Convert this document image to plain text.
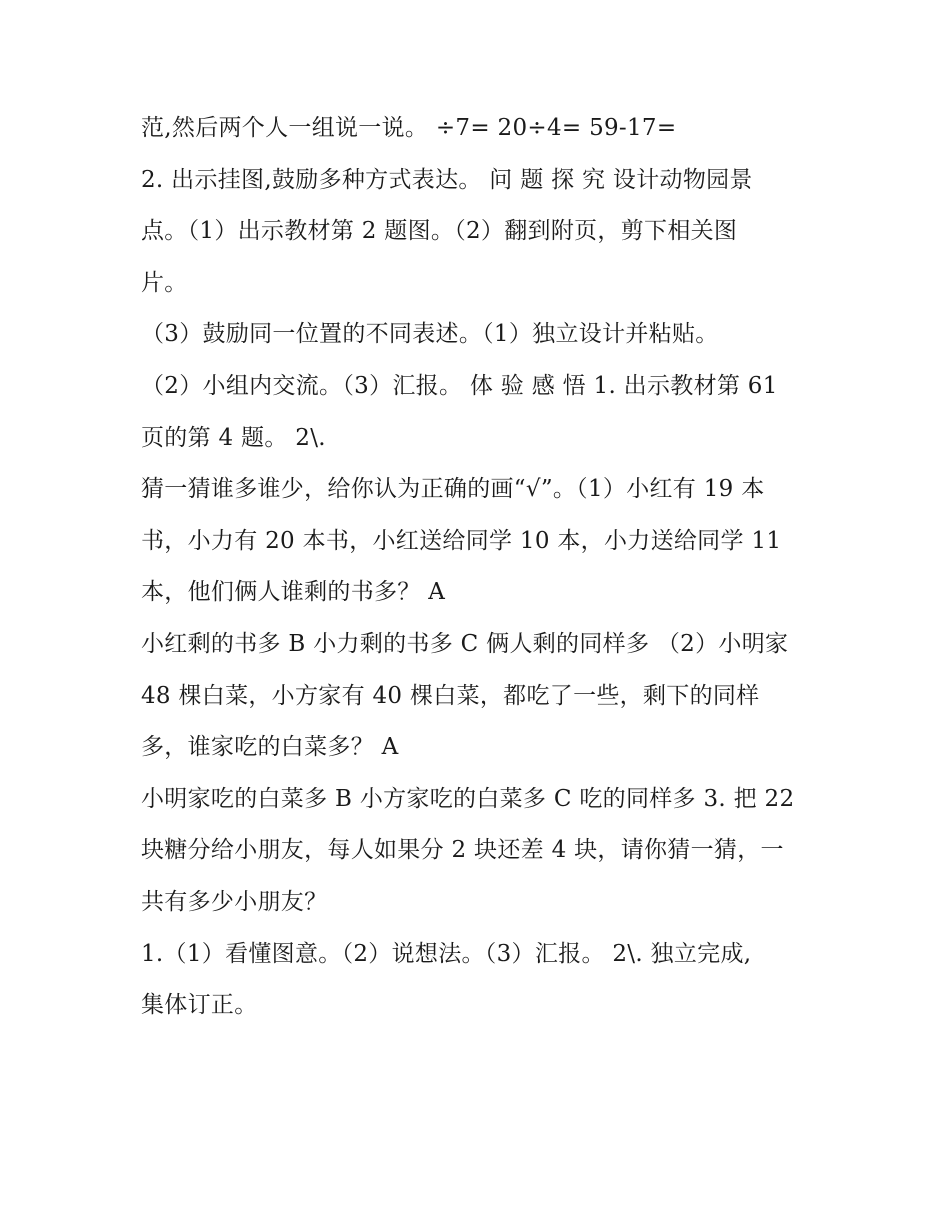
范,然后两个人一组说一说。 ÷7= 20÷4= 59-17=
2. 出示挂图,鼓励多种方式表达。 问 题 探 究 设计动物园景
点。（1）出示教材第 2 题图。（2）翻到附页，剪下相关图
片。
（3）鼓励同一位置的不同表述。（1）独立设计并粘贴。
（2）小组内交流。（3）汇报。 体 验 感 悟 1. 出示教材第 61
页的第 4 题。 2\.
猜一猜谁多谁少，给你认为正确的画“√”。（1）小红有 19 本
书，小力有 20 本书，小红送给同学 10 本，小力送给同学 11
本，他们俩人谁剩的书多？ A
小红剩的书多 B 小力剩的书多 C 俩人剩的同样多 （2）小明家
48 棵白菜，小方家有 40 棵白菜，都吃了一些，剩下的同样
多，谁家吃的白菜多？ A
小明家吃的白菜多 B 小方家吃的白菜多 C 吃的同样多 3. 把 22
块糖分给小朋友，每人如果分 2 块还差 4 块，请你猜一猜，一
共有多少小朋友？
1.（1）看懂图意。（2）说想法。（3）汇报。 2\. 独立完成,
集体订正。
